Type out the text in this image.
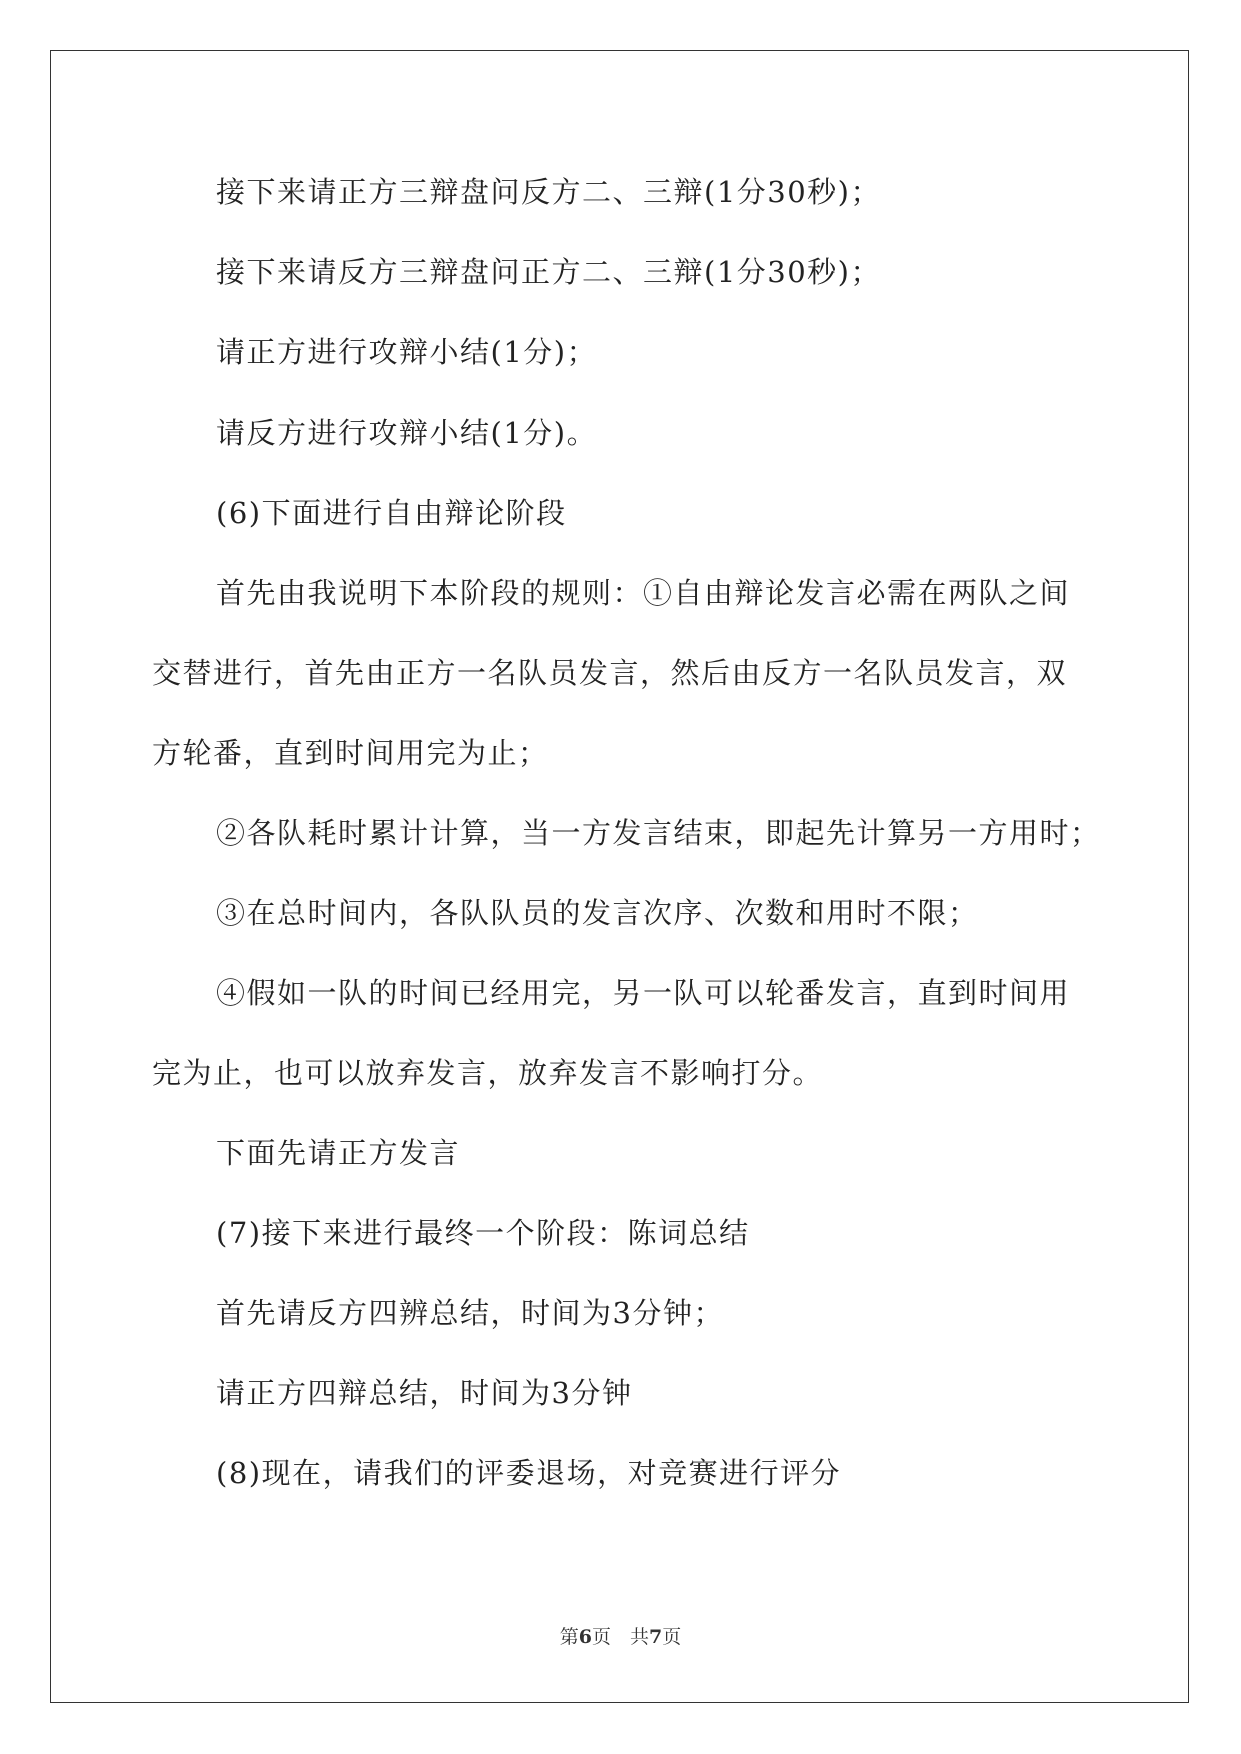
接下来请正方三辩盘问反方二、三辩(1分30秒)；
接下来请反方三辩盘问正方二、三辩(1分30秒)；
请正方进行攻辩小结(1分)；
请反方进行攻辩小结(1分)。
(6)下面进行自由辩论阶段
首先由我说明下本阶段的规则：①自由辩论发言必需在两队之间
交替进行，首先由正方一名队员发言，然后由反方一名队员发言，双
方轮番，直到时间用完为止；
②各队耗时累计计算，当一方发言结束，即起先计算另一方用时；
③在总时间内，各队队员的发言次序、次数和用时不限；
④假如一队的时间已经用完，另一队可以轮番发言，直到时间用
完为止，也可以放弃发言，放弃发言不影响打分。
下面先请正方发言
(7)接下来进行最终一个阶段：陈词总结
首先请反方四辨总结，时间为3分钟；
请正方四辩总结，时间为3分钟
(8)现在，请我们的评委退场，对竞赛进行评分
第6页　共7页
